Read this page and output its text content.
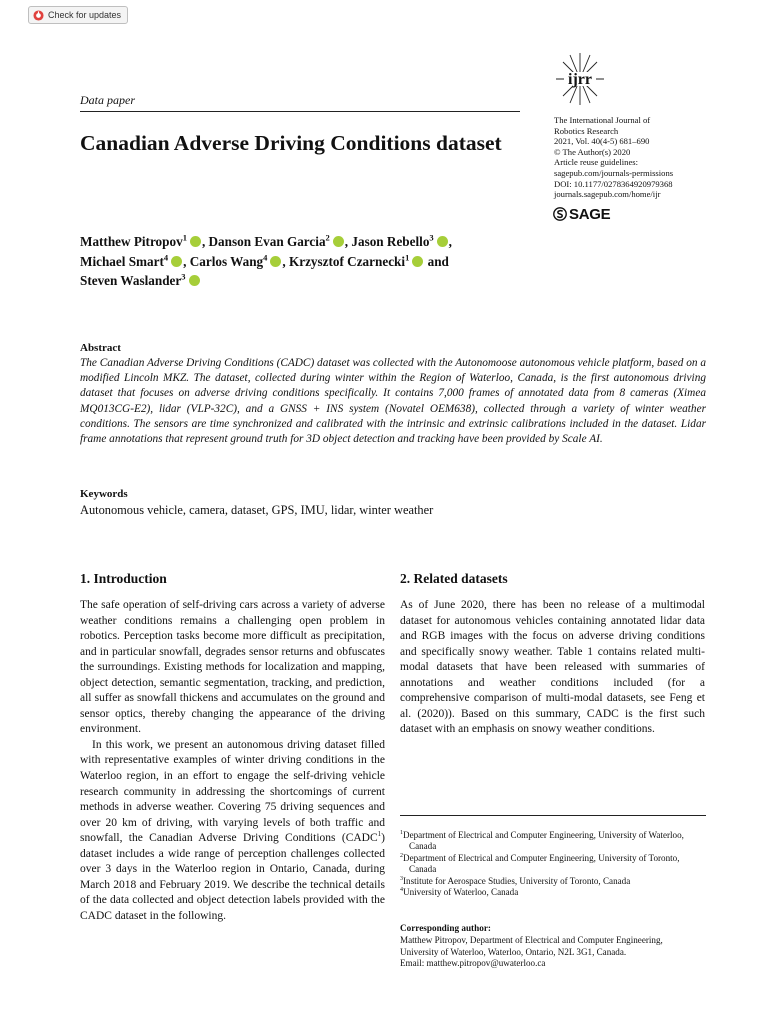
Check for updates
ijrr
Data paper
The International Journal of
Robotics Research
2021, Vol. 40(4-5) 681–690
© The Author(s) 2020
Article reuse guidelines:
sagepub.com/journals-permissions
DOI: 10.1177/0278364920979368
journals.sagepub.com/home/ijr
SAGE
Canadian Adverse Driving Conditions dataset
Matthew Pitropov$^1$ , Danson Evan Garcia$^2$ , Jason Rebello$^3$ ,
Michael Smart$^4$ , Carlos Wang$^4$ , Krzysztof Czarnecki$^1$ and
Steven Waslander$^3$
Abstract
The Canadian Adverse Driving Conditions (CADC) dataset was collected with the Autonomoose autonomous vehicle platform, based on a modified Lincoln MKZ. The dataset, collected during winter within the Region of Waterloo, Canada, is the first autonomous driving dataset that focuses on adverse driving conditions specifically. It contains 7,000 frames of annotated data from 8 cameras (Ximea MQ013CG-E2), lidar (VLP-32C), and a GNSS + INS system (Novatel OEM638), collected through a variety of winter weather conditions. The sensors are time synchronized and calibrated with the intrinsic and extrinsic calibrations included in the dataset. Lidar frame annotations that represent ground truth for 3D object detection and tracking have been provided by Scale AI.
Keywords
Autonomous vehicle, camera, dataset, GPS, IMU, lidar, winter weather
1. Introduction	2. Related datasets

The safe operation of self-driving cars across a variety of adverse weather conditions remains a challenging open problem in robotics. Perception tasks become more difficult as precipitation, and in particular snowfall, degrades sensor returns and obfuscates the surroundings. Existing methods for localization and mapping, object detection, semantic segmentation, tracking, and prediction, all suffer as snowfall thickens and accumulates on the ground and sensor optics, thereby changing the appearance of the driving environment.

In this work, we present an autonomous driving dataset filled with representative examples of winter driving conditions in the Waterloo region, in an effort to engage the self-driving vehicle research community in addressing the shortcomings of current methods in adverse weather. Covering 75 driving sequences and over 20 km of driving, with varying levels of both traffic and snowfall, the Canadian Adverse Driving Conditions (CADC$^1$) dataset includes a wide range of perception challenges collected over 3 days in the Waterloo region in Ontario, Canada, during March 2018 and February 2019. We describe the technical details of the data collected and object detection labels provided with the CADC dataset in the following.

As of June 2020, there has been no release of a multimodal dataset for autonomous vehicles containing annotated lidar data and RGB images with the focus on adverse driving conditions and specifically snowy weather. Table 1 contains related multi-modal datasets that have been released with summaries of annotations and weather conditions included (for a comprehensive comparison of multi-modal datasets, see Feng et al. (2020)). Based on this summary, CADC is the first such dataset with an emphasis on snowy weather conditions.

$^1$Department of Electrical and Computer Engineering, University of Waterloo, Canada
$^2$Department of Electrical and Computer Engineering, University of Toronto, Canada
$^3$Institute for Aerospace Studies, University of Toronto, Canada
$^4$University of Waterloo, Canada
Corresponding author:
Matthew Pitropov, Department of Electrical and Computer Engineering,
University of Waterloo, Waterloo, Ontario, N2L 3G1, Canada.
Email: matthew.pitropov@uwaterloo.ca
